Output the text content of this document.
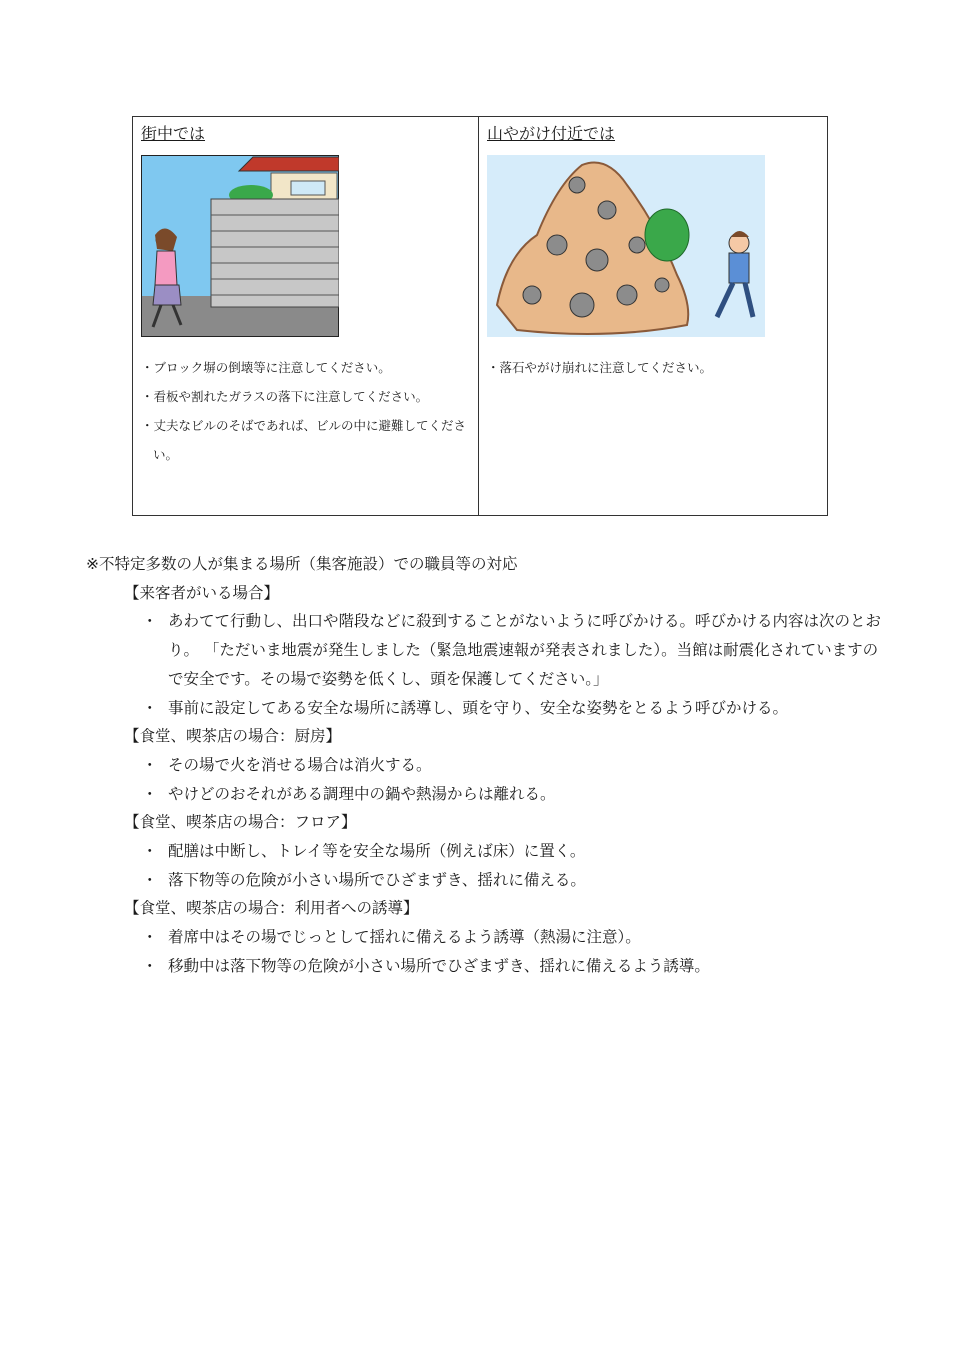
街中では
・ブロック塀の倒壊等に注意してください。
・看板や割れたガラスの落下に注意してください。
・丈夫なビルのそばであれば、ビルの中に避難してください。
山やがけ付近では
・落石やがけ崩れに注意してください。

※不特定多数の人が集まる場所（集客施設）での職員等の対応

【来客者がいる場合】

・ あわてて行動し、出口や階段などに殺到することがないように呼びかける。呼びかける内容は次のとおり。 「ただいま地震が発生しました（緊急地震速報が発表されました）。当館は耐震化されていますので安全です。その場で姿勢を低くし、頭を保護してください。」
・ 事前に設定してある安全な場所に誘導し、頭を守り、安全な姿勢をとるよう呼びかける。

【食堂、喫茶店の場合：厨房】

・ その場で火を消せる場合は消火する。
・ やけどのおそれがある調理中の鍋や熱湯からは離れる。

【食堂、喫茶店の場合：フロア】

・ 配膳は中断し、トレイ等を安全な場所（例えば床）に置く。
・ 落下物等の危険が小さい場所でひざまずき、揺れに備える。

【食堂、喫茶店の場合：利用者への誘導】

・ 着席中はその場でじっとして揺れに備えるよう誘導（熱湯に注意）。
・ 移動中は落下物等の危険が小さい場所でひざまずき、揺れに備えるよう誘導。
